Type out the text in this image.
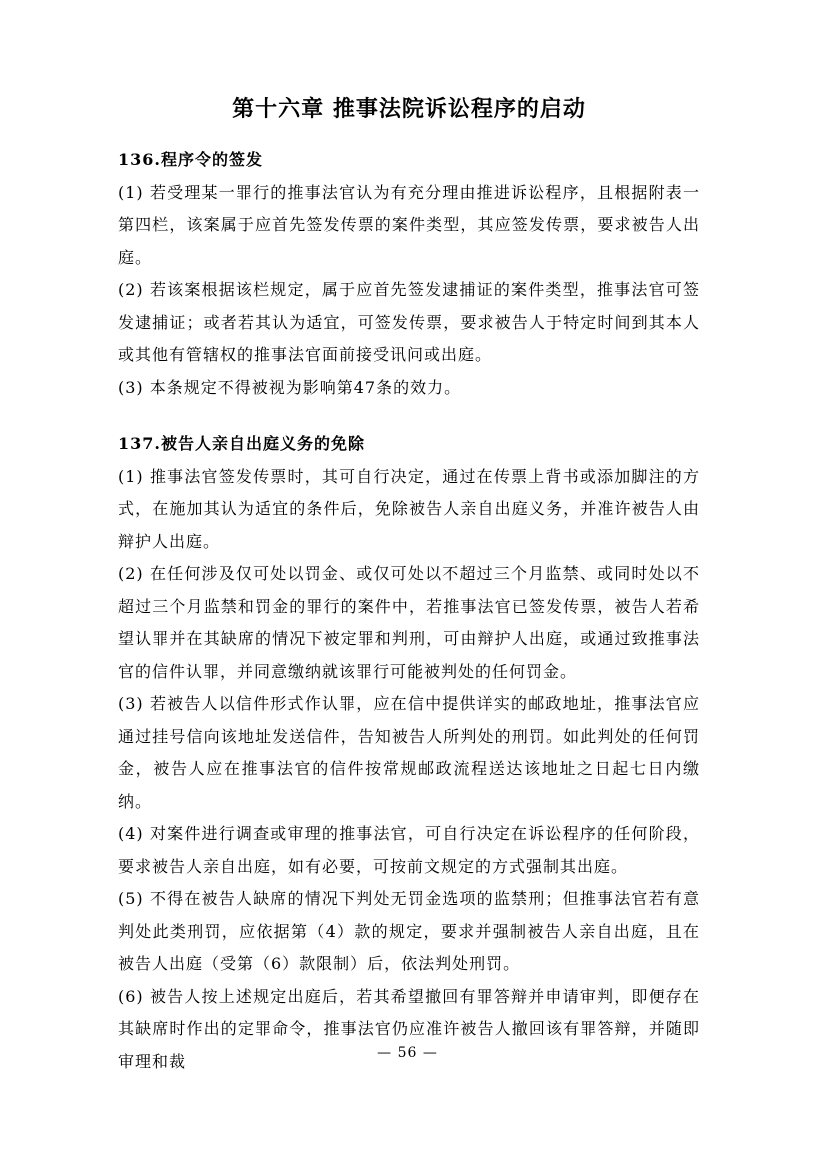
第十六章 推事法院诉讼程序的启动
136.程序令的签发

(1) 若受理某一罪行的推事法官认为有充分理由推进诉讼程序，且根据附表一第四栏，该案属于应首先签发传票的案件类型，其应签发传票，要求被告人出庭。

(2) 若该案根据该栏规定，属于应首先签发逮捕证的案件类型，推事法官可签发逮捕证；或者若其认为适宜，可签发传票，要求被告人于特定时间到其本人或其他有管辖权的推事法官面前接受讯问或出庭。

(3) 本条规定不得被视为影响第47条的效力。

137.被告人亲自出庭义务的免除

(1) 推事法官签发传票时，其可自行决定，通过在传票上背书或添加脚注的方式，在施加其认为适宜的条件后，免除被告人亲自出庭义务，并准许被告人由辩护人出庭。

(2) 在任何涉及仅可处以罚金、或仅可处以不超过三个月监禁、或同时处以不超过三个月监禁和罚金的罪行的案件中，若推事法官已签发传票，被告人若希望认罪并在其缺席的情况下被定罪和判刑，可由辩护人出庭，或通过致推事法官的信件认罪，并同意缴纳就该罪行可能被判处的任何罚金。

(3) 若被告人以信件形式作认罪，应在信中提供详实的邮政地址，推事法官应通过挂号信向该地址发送信件，告知被告人所判处的刑罚。如此判处的任何罚金，被告人应在推事法官的信件按常规邮政流程送达该地址之日起七日内缴纳。

(4) 对案件进行调查或审理的推事法官，可自行决定在诉讼程序的任何阶段，要求被告人亲自出庭，如有必要，可按前文规定的方式强制其出庭。

(5) 不得在被告人缺席的情况下判处无罚金选项的监禁刑；但推事法官若有意判处此类刑罚，应依据第（4）款的规定，要求并强制被告人亲自出庭，且在被告人出庭（受第（6）款限制）后，依法判处刑罚。

(6) 被告人按上述规定出庭后，若其希望撤回有罪答辩并申请审判，即便存在其缺席时作出的定罪命令，推事法官仍应准许被告人撤回该有罪答辩，并随即审理和裁	— 56 —
